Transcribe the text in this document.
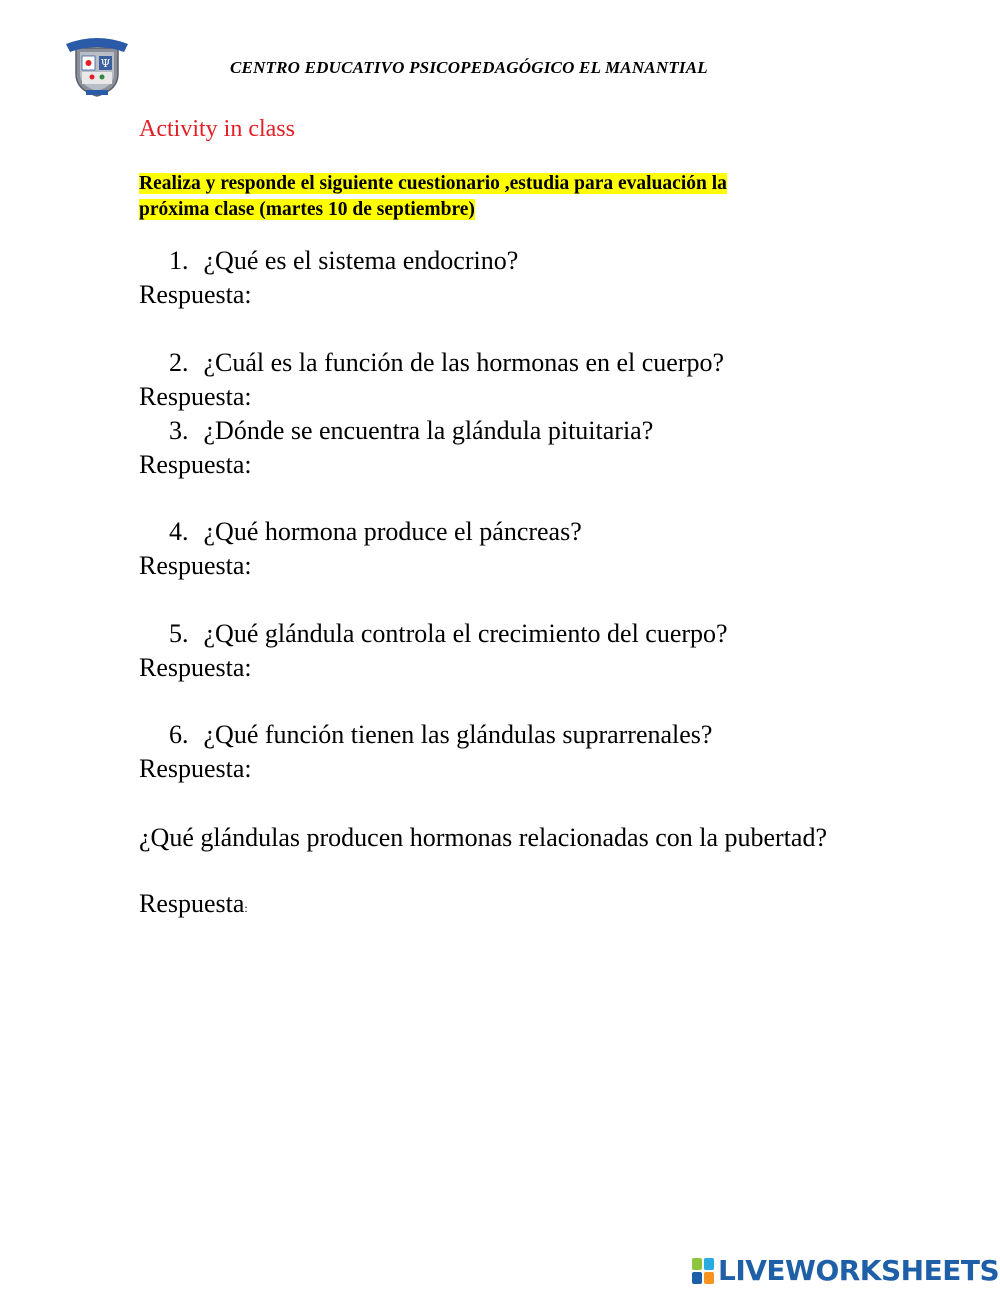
Ψ	CENTRO EDUCATIVO PSICOPEDAGÓGICO EL MANANTIAL
Activity in class
Realiza y responde el siguiente cuestionario ,estudia para evaluación la
próxima clase (martes 10 de septiembre)
1. ¿Qué es el sistema endocrino?
Respuesta:
2. ¿Cuál es la función de las hormonas en el cuerpo?
Respuesta:
3. ¿Dónde se encuentra la glándula pituitaria?
Respuesta:
4. ¿Qué hormona produce el páncreas?
Respuesta:
5. ¿Qué glándula controla el crecimiento del cuerpo?
Respuesta:
6. ¿Qué función tienen las glándulas suprarrenales?
Respuesta:
¿Qué glándulas producen hormonas relacionadas con la pubertad?
Respuesta:
LIVEWORKSHEETS
